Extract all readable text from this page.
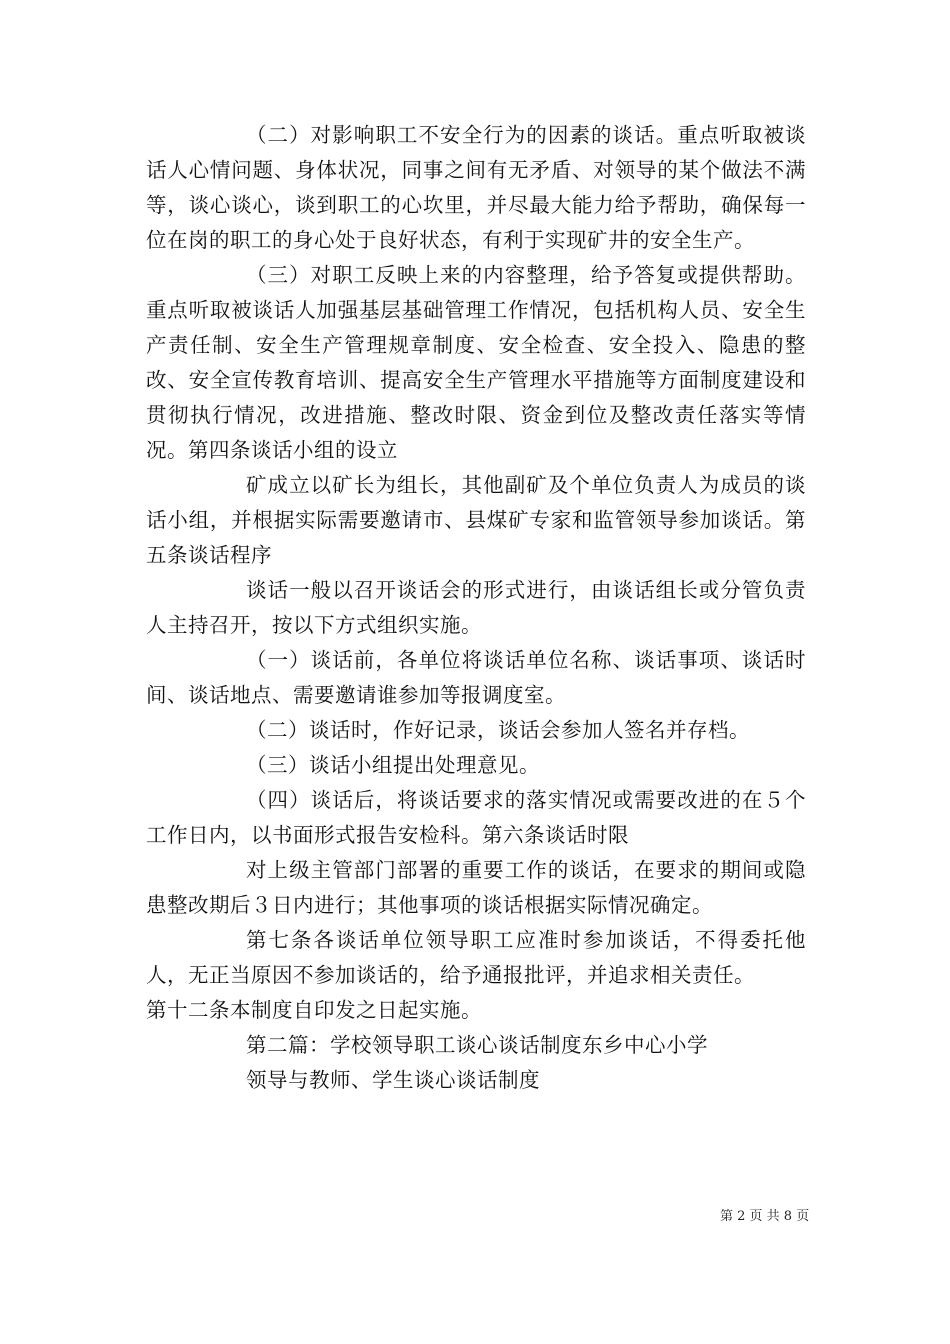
（二）对影响职工不安全行为的因素的谈话。重点听取被谈话人心情问题、身体状况，同事之间有无矛盾、对领导的某个做法不满等，谈心谈心，谈到职工的心坎里，并尽最大能力给予帮助，确保每一位在岗的职工的身心处于良好状态，有利于实现矿井的安全生产。

（三）对职工反映上来的内容整理，给予答复或提供帮助。重点听取被谈话人加强基层基础管理工作情况，包括机构人员、安全生产责任制、安全生产管理规章制度、安全检查、安全投入、隐患的整改、安全宣传教育培训、提高安全生产管理水平措施等方面制度建设和贯彻执行情况，改进措施、整改时限、资金到位及整改责任落实等情况。第四条谈话小组的设立

矿成立以矿长为组长，其他副矿及个单位负责人为成员的谈话小组，并根据实际需要邀请市、县煤矿专家和监管领导参加谈话。第五条谈话程序

谈话一般以召开谈话会的形式进行，由谈话组长或分管负责人主持召开，按以下方式组织实施。

（一）谈话前，各单位将谈话单位名称、谈话事项、谈话时间、谈话地点、需要邀请谁参加等报调度室。

（二）谈话时，作好记录，谈话会参加人签名并存档。

（三）谈话小组提出处理意见。

（四）谈话后，将谈话要求的落实情况或需要改进的在５个工作日内，以书面形式报告安检科。第六条谈话时限

对上级主管部门部署的重要工作的谈话，在要求的期间或隐患整改期后３日内进行；其他事项的谈话根据实际情况确定。

第七条各谈话单位领导职工应准时参加谈话，不得委托他人，无正当原因不参加谈话的，给予通报批评，并追求相关责任。

第十二条本制度自印发之日起实施。

第二篇：学校领导职工谈心谈话制度东乡中心小学

领导与教师、学生谈心谈话制度

第 2 页 共 8 页
